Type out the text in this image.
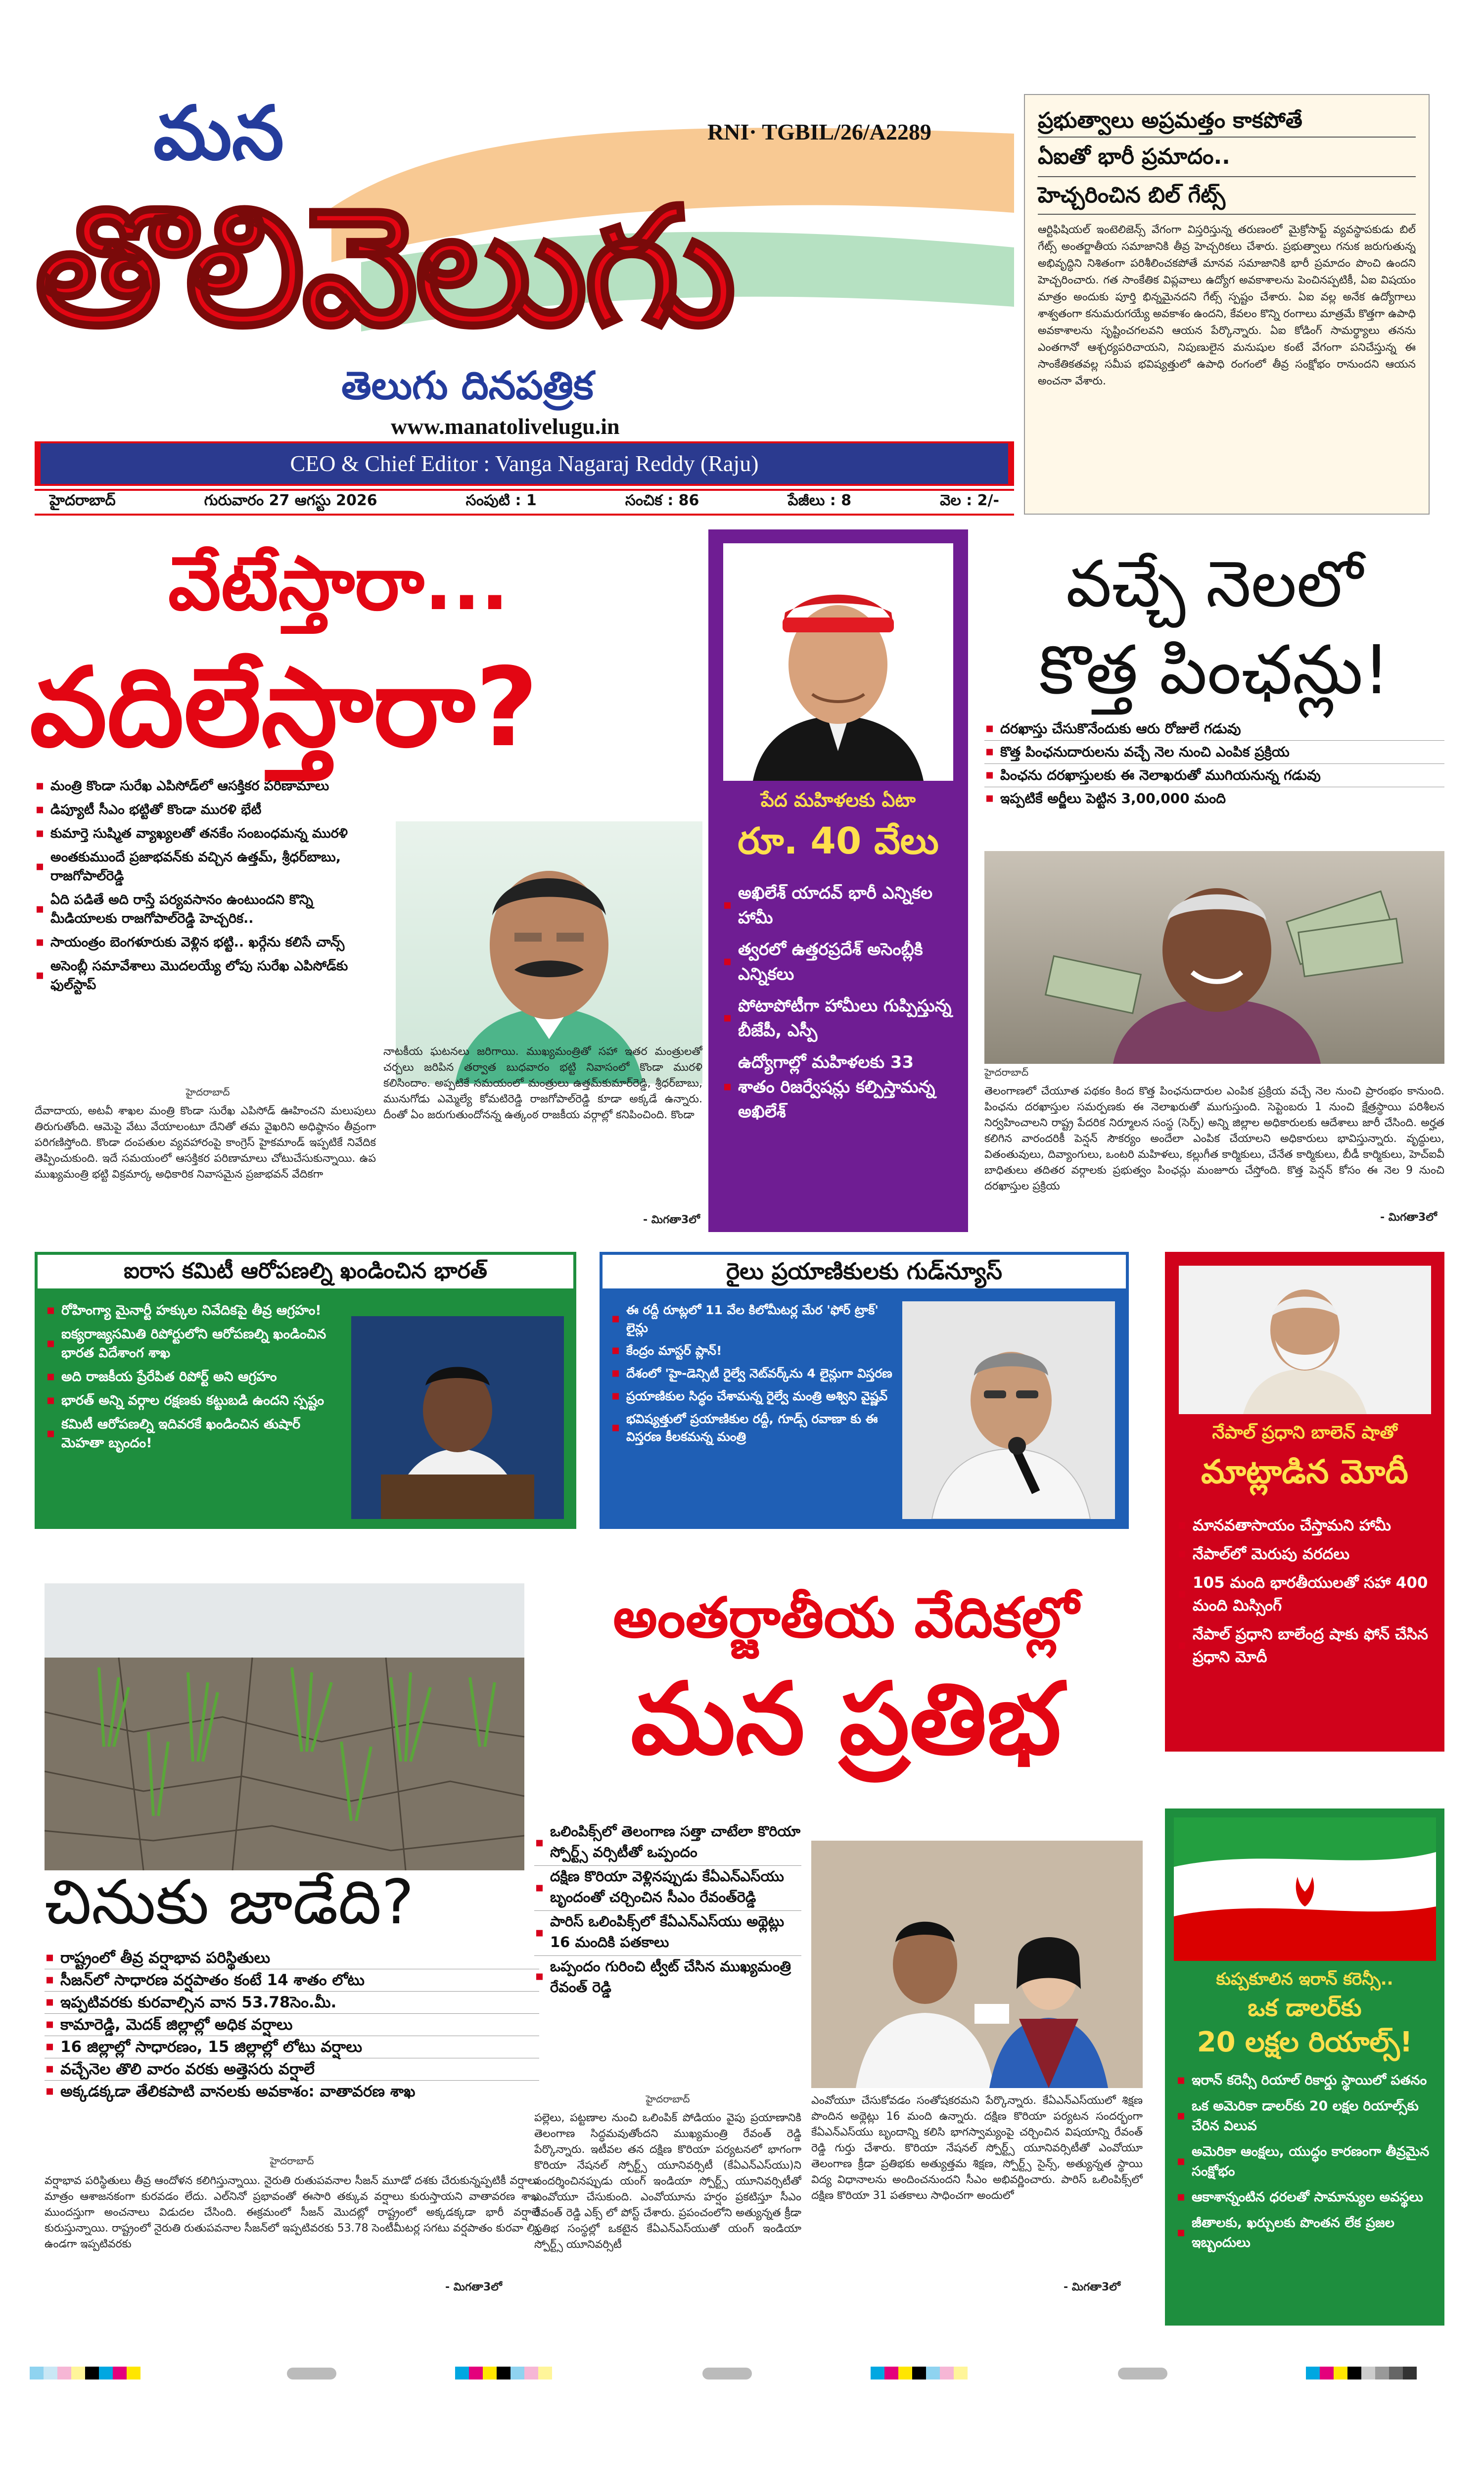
మన	RNI· TGBIL/26/A2289
తొలివెలుగు
తెలుగు దినపత్రిక
www.manatolivelugu.in
CEO & Chief Editor : Vanga Nagaraj Reddy (Raju)
హైదరాబాద్	గురువారం 27 ఆగస్టు 2026	సంపుటి : 1	సంచిక : 86	పేజీలు : 8	వెల : 2/-
ప్రభుత్వాలు అప్రమత్తం కాకపోతే
ఏఐతో భారీ ప్రమాదం..
హెచ్చరించిన బిల్ గేట్స్
ఆర్టిఫిషియల్ ఇంటెలిజెన్స్ వేగంగా విస్తరిస్తున్న తరుణంలో మైక్రోసాఫ్ట్ వ్యవస్థాపకుడు బిల్ గేట్స్ అంతర్జాతీయ సమాజానికి తీవ్ర హెచ్చరికలు చేశారు. ప్రభుత్వాలు గనుక జరుగుతున్న అభివృద్ధిని నిశితంగా పరిశీలించకపోతే మానవ సమాజానికి భారీ ప్రమాదం పొంచి ఉందని హెచ్చరించారు. గత సాంకేతిక విప్లవాలు ఉద్యోగ అవకాశాలను పెంచినప్పటికీ, ఏఐ విషయం మాత్రం అందుకు పూర్తి భిన్నమైనదని గేట్స్ స్పష్టం చేశారు. ఏఐ వల్ల అనేక ఉద్యోగాలు శాశ్వతంగా కనుమరుగయ్యే అవకాశం ఉందని, కేవలం కొన్ని రంగాలు మాత్రమే కొత్తగా ఉపాధి అవకాశాలను సృష్టించగలవని ఆయన పేర్కొన్నారు. ఏఐ కోడింగ్ సామర్థ్యాలు తనను ఎంతగానో ఆశ్చర్యపరిచాయని, నిపుణులైన మనుషుల కంటే వేగంగా పనిచేస్తున్న ఈ సాంకేతికతవల్ల సమీప భవిష్యత్తులో ఉపాధి రంగంలో తీవ్ర సంక్షోభం రానుందని ఆయన అంచనా వేశారు.
వేటేస్తారా...
వదిలేస్తారా?
మంత్రి కొండా సురేఖ ఎపిసోడ్‌లో ఆసక్తికర పరిణామాలు
డిప్యూటీ సీఎం భట్టితో కొండా మురళి భేటీ
కుమార్తె సుష్మిత వ్యాఖ్యలతో తనకేం సంబంధమన్న మురళి
అంతకుముందే ప్రజాభవన్‌కు వచ్చిన ఉత్తమ్, శ్రీధర్‌బాబు, రాజగోపాల్‌రెడ్డి
ఏది పడితే అది రాస్తే పర్యవసానం ఉంటుందని కొన్ని మీడియాలకు రాజగోపాల్‌రెడ్డి హెచ్చరిక..
సాయంత్రం బెంగళూరుకు వెళ్లిన భట్టి.. ఖర్గేను కలిసే చాన్స్
అసెంబ్లీ సమావేశాలు మొదలయ్యే లోపు సురేఖ ఎపిసోడ్‌కు ఫుల్‌స్టాప్
హైదరాబాద్
దేవాదాయ, అటవీ శాఖల మంత్రి కొండా సురేఖ ఎపిసోడ్ ఊహించని మలుపులు తిరుగుతోంది. ఆమెపై వేటు వేయాలంటూ దేనితో తమ వైఖరిని అధిష్ఠానం తీవ్రంగా పరిగణిస్తోంది. కొండా దంపతుల వ్యవహారంపై కాంగ్రెస్ హైకమాండ్ ఇప్పటికే నివేదిక తెప్పించుకుంది. ఇదే సమయంలో ఆసక్తికర పరిణామాలు చోటుచేసుకున్నాయి. ఉప ముఖ్యమంత్రి భట్టి విక్రమార్క అధికారిక నివాసమైన ప్రజాభవన్ వేదికగా
నాటకీయ ఘటనలు జరిగాయి. ముఖ్యమంత్రితో సహా ఇతర మంత్రులతో చర్చలు జరిపిన తర్వాత బుధవారం భట్టి నివాసంలో కొండా మురళి కలిసిందాం. అప్పటికే సమయంలో మంత్రులు ఉత్తమ్‌కుమార్‌రెడ్డి, శ్రీధర్‌బాబు, మునుగోడు ఎమ్మెల్యే కోమటిరెడ్డి రాజగోపాల్‌రెడ్డి కూడా అక్కడే ఉన్నారు. దీంతో ఏం జరుగుతుందోనన్న ఉత్కంఠ రాజకీయ వర్గాల్లో కనిపించింది. కొండా
- మిగతా3లో
పేద మహిళలకు ఏటా
రూ. 40 వేలు
అఖిలేశ్ యాదవ్ భారీ ఎన్నికల హామీ
త్వరలో ఉత్తరప్రదేశ్ అసెంబ్లీకి ఎన్నికలు
పోటాపోటీగా హామీలు గుప్పిస్తున్న బీజేపీ, ఎస్పీ
ఉద్యోగాల్లో మహిళలకు 33 శాతం రిజర్వేషన్లు కల్పిస్తామన్న అఖిలేశ్
వచ్చే నెలలో
కొత్త పింఛన్లు!
దరఖాస్తు చేసుకొనేందుకు ఆరు రోజులే గడువు
కొత్త పింఛనుదారులను వచ్చే నెల నుంచి ఎంపిక ప్రక్రియ
పింఛను దరఖాస్తులకు ఈ నెలాఖరుతో ముగియనున్న గడువు
ఇప్పటికే అర్జీలు పెట్టిన 3,00,000 మంది
హైదరాబాద్
తెలంగాణలో చేయూత పథకం కింద కొత్త పింఛనుదారుల ఎంపిక ప్రక్రియ వచ్చే నెల నుంచి ప్రారంభం కానుంది. పింఛను దరఖాస్తుల సమర్పణకు ఈ నెలాఖరుతో ముగుస్తుంది. సెప్టెంబరు 1 నుంచి క్షేత్రస్థాయి పరిశీలన నిర్వహించాలని రాష్ట్ర పేదరిక నిర్మూలన సంస్థ (సెర్ప్) అన్ని జిల్లాల అధికారులకు ఆదేశాలు జారీ చేసింది. అర్హత కలిగిన వారందరికీ పెన్షన్ సౌకర్యం అందేలా ఎంపిక చేయాలని అధికారులు భావిస్తున్నారు. వృద్ధులు, వితంతువులు, దివ్యాంగులు, ఒంటరి మహిళలు, కల్లుగీత కార్మికులు, చేనేత కార్మికులు, బీడీ కార్మికులు, హెచ్ఐవీ బాధితులు తదితర వర్గాలకు ప్రభుత్వం పింఛన్లు మంజూరు చేస్తోంది. కొత్త పెన్షన్ కోసం ఈ నెల 9 నుంచి దరఖాస్తుల ప్రక్రియ
- మిగతా3లో
ఐరాస కమిటీ ఆరోపణల్ని ఖండించిన భారత్
రోహింగ్యా మైనార్టీ హక్కుల నివేదికపై తీవ్ర ఆగ్రహం!
ఐక్యరాజ్యసమితి రిపోర్టులోని ఆరోపణల్ని ఖండించిన భారత విదేశాంగ శాఖ
అది రాజకీయ ప్రేరేపిత రిపోర్ట్ అని ఆగ్రహం
భారత్ అన్ని వర్గాల రక్షణకు కట్టుబడి ఉందని స్పష్టం
కమిటీ ఆరోపణల్ని ఇదివరకే ఖండించిన తుషార్ మెహతా బృందం!
రైలు ప్రయాణికులకు గుడ్‌న్యూస్
ఈ రద్దీ రూట్లలో 11 వేల కిలోమీటర్ల మేర 'ఫోర్ ట్రాక్' లైన్లు
కేంద్రం మాస్టర్ ప్లాన్!
దేశంలో 'హై-డెన్సిటీ రైల్వే నెట్‌వర్క్‌ను 4 లైన్లుగా విస్తరణ
ప్రయాణికుల సిద్ధం చేశామన్న రైల్వే మంత్రి అశ్విని వైష్ణవ్
భవిష్యత్తులో ప్రయాణికుల రద్దీ, గూడ్స్ రవాణా కు ఈ విస్తరణ కీలకమన్న మంత్రి	నేపాల్ ప్రధాని బాలెన్ షాతో
మాట్లాడిన మోదీ
మానవతాసాయం చేస్తామని హామీ
నేపాల్‌లో మెరుపు వరదలు
105 మంది భారతీయులతో సహా 400 మంది మిస్సింగ్
నేపాల్ ప్రధాని బాలేంద్ర షాకు ఫోన్ చేసిన ప్రధాని మోదీ
చినుకు జాడేది?
రాష్ట్రంలో తీవ్ర వర్షాభావ పరిస్థితులు
సీజన్‌లో సాధారణ వర్షపాతం కంటే 14 శాతం లోటు
ఇప్పటివరకు కురవాల్సిన వాన 53.78సెం.మీ.
కామారెడ్డి, మెదక్ జిల్లాల్లో అధిక వర్షాలు
16 జిల్లాల్లో సాధారణం, 15 జిల్లాల్లో లోటు వర్షాలు
వచ్చేనెల తొలి వారం వరకు అత్తెసరు వర్షాలే
అక్కడక్కడా తేలికపాటి వానలకు అవకాశం: వాతావరణ శాఖ
హైదరాబాద్
వర్షాభావ పరిస్థితులు తీవ్ర ఆందోళన కలిగిస్తున్నాయి. నైరుతి రుతుపవనాల సీజన్ మూడో దశకు చేరుకున్నప్పటికీ వర్షాలు మాత్రం ఆశాజనకంగా కురవడం లేదు. ఎల్‌నినో ప్రభావంతో ఈసారి తక్కువ వర్షాలు కురుస్తాయని వాతావరణ శాఖ ముందస్తుగా అంచనాలు విడుదల చేసింది. ఈక్రమంలో సీజన్ మొదట్లో రాష్ట్రంలో అక్కడక్కడా భారీ వర్షాలే కురుస్తున్నాయి. రాష్ట్రంలో నైరుతి రుతుపవనాల సీజన్‌లో ఇప్పటివరకు 53.78 సెంటీమీటర్ల సగటు వర్షపాతం కురవా ల్సి ఉండగా ఇప్పటివరకు
- మిగతా3లో
అంతర్జాతీయ వేదికల్లో
మన ప్రతిభ
ఒలింపిక్స్‌లో తెలంగాణ సత్తా చాటేలా కొరియా స్పోర్ట్స్ వర్సిటీతో ఒప్పందం
దక్షిణ కొరియా వెళ్లినప్పుడు కేఏఎన్‌ఎస్‌యు బృందంతో చర్చించిన సీఎం రేవంత్‌రెడ్డి
పారిస్ ఒలింపిక్స్‌లో కేఏఎన్‌ఎస్‌యు అథ్లెట్లు 16 మందికి పతకాలు
ఒప్పందం గురించి ట్వీట్ చేసిన ముఖ్యమంత్రి రేవంత్ రెడ్డి
హైదరాబాద్
పల్లెలు, పట్టణాల నుంచి ఒలింపిక్ పోడియం వైపు ప్రయాణానికి తెలంగాణ సిద్ధమవుతోందని ముఖ్యమంత్రి రేవంత్ రెడ్డి పేర్కొన్నారు. ఇటీవల తన దక్షిణ కొరియా పర్యటనలో భాగంగా కొరియా నేషనల్ స్పోర్ట్స్ యూనివర్సిటీ (కేఏఎన్‌ఎస్‌యు)ని సందర్శించినప్పుడు యంగ్ ఇండియా స్పోర్ట్స్ యూనివర్సిటీతో ఎంవోయూ చేసుకుంది. ఎంవోయూను హర్షం ప్రకటిస్తూ సీఎం రేవంత్ రెడ్డి ఎక్స్ లో పోస్ట్ చేశారు. ప్రపంచంలోని అత్యున్నత క్రీడా ప్రతిభ సంస్థల్లో ఒకటైన కేఏఎన్‌ఎస్‌యుతో యంగ్ ఇండియా స్పోర్ట్స్ యూనివర్సిటీ
ఎంవోయూ చేసుకోవడం సంతోషకరమని పేర్కొన్నారు. కేఏఎన్‌ఎస్‌యులో శిక్షణ పొందిన అథ్లెట్లు 16 మంది ఉన్నారు. దక్షిణ కొరియా పర్యటన సందర్భంగా కేఏఎన్‌ఎస్‌యు బృందాన్ని కలిసి భాగస్వామ్యంపై చర్చించిన విషయాన్ని రేవంత్ రెడ్డి గుర్తు చేశారు. కొరియా నేషనల్ స్పోర్ట్స్ యూనివర్సిటీతో ఎంవోయూ తెలంగాణ క్రీడా ప్రతిభకు అత్యుత్తమ శిక్షణ, స్పోర్ట్స్ సైన్స్, అత్యున్నత స్థాయి విద్య విధానాలను అందించనుందని సీఎం అభివర్ణించారు. పారిస్ ఒలింపిక్స్‌లో దక్షిణ కొరియా 31 పతకాలు సాధించగా అందులో
- మిగతా3లో
కుప్పకూలిన ఇరాన్ కరెన్సీ..
ఒక డాలర్‌కు
20 లక్షల రియాల్స్!
ఇరాన్ కరెన్సీ రియాల్ రికార్డు స్థాయిలో పతనం
ఒక అమెరికా డాలర్‌కు 20 లక్షల రియాల్స్‌కు చేరిన విలువ
అమెరికా ఆంక్షలు, యుద్ధం కారణంగా తీవ్రమైన సంక్షోభం
ఆకాశాన్నంటిన ధరలతో సామాన్యుల అవస్థలు
జీతాలకు, ఖర్చులకు పొంతన లేక ప్రజల ఇబ్బందులు
